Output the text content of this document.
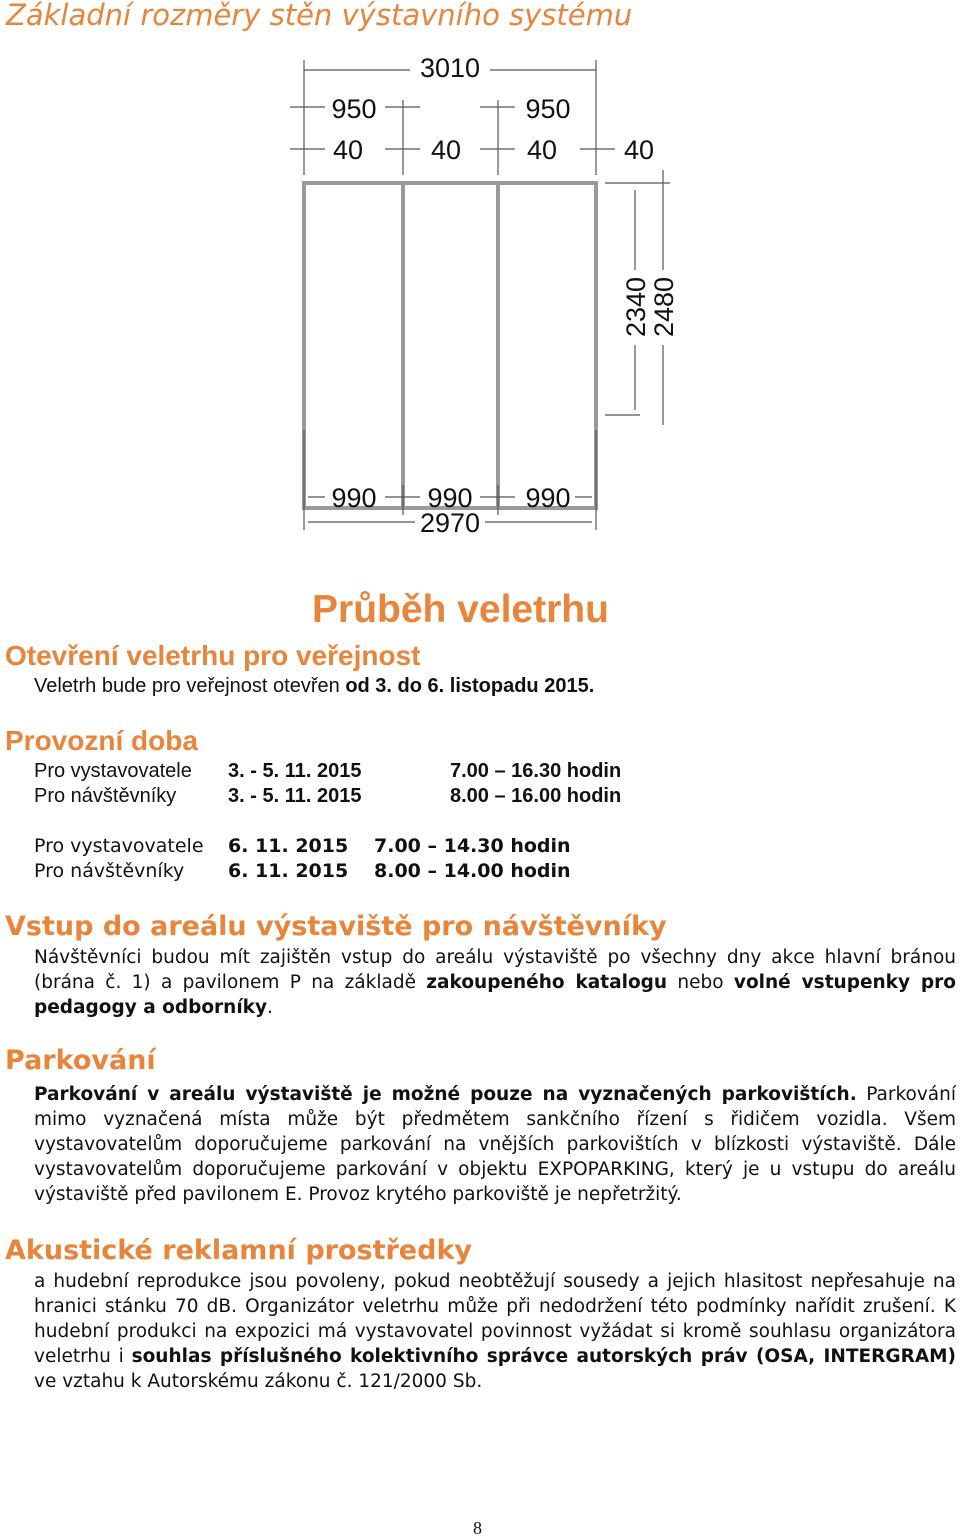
Základní rozměry stěn výstavního systému
3010
950	950
40	40 40 40
2340
2480
990 990 990
2970
Průběh veletrhu
Otevření veletrhu pro veřejnost

Veletrh bude pro veřejnost otevřen od 3. do 6. listopadu 2015.

Provozní doba
Pro vystavovatele 3. - 5. 11. 2015	7.00 – 16.30 hodin
Pro návštěvníky	3. - 5. 11. 2015	8.00 – 16.00 hodin
Pro vystavovatele 6. 11. 2015 7.00 – 14.30 hodin
Pro návštěvníky 6. 11. 2015 8.00 – 14.00 hodin
Vstup do areálu výstaviště pro návštěvníky

Návštěvníci budou mít zajištěn vstup do areálu výstaviště po všechny dny akce hlavní bránou (brána č. 1) a pavilonem P na základě zakoupeného katalogu nebo volné vstupenky pro pedagogy a odborníky.

Parkování

Parkování v areálu výstaviště je možné pouze na vyznačených parkovištích. Parkování mimo vyznačená místa může být předmětem sankčního řízení s řidičem vozidla. Všem vystavovatelům doporučujeme parkování na vnějších parkovištích v blízkosti výstaviště. Dále vystavovatelům doporučujeme parkování v objektu EXPOPARKING, který je u vstupu do areálu výstaviště před pavilonem E. Provoz krytého parkoviště je nepřetržitý.

Akustické reklamní prostředky

a hudební reprodukce jsou povoleny, pokud neobtěžují sousedy a jejich hlasitost nepřesahuje na hranici stánku 70 dB. Organizátor veletrhu může při nedodržení této podmínky nařídit zrušení. K hudební produkci na expozici má vystavovatel povinnost vyžádat si kromě souhlasu organizátora veletrhu i souhlas příslušného kolektivního správce autorských práv (OSA, INTERGRAM) ve vztahu k Autorskému zákonu č. 121/2000 Sb.

8
